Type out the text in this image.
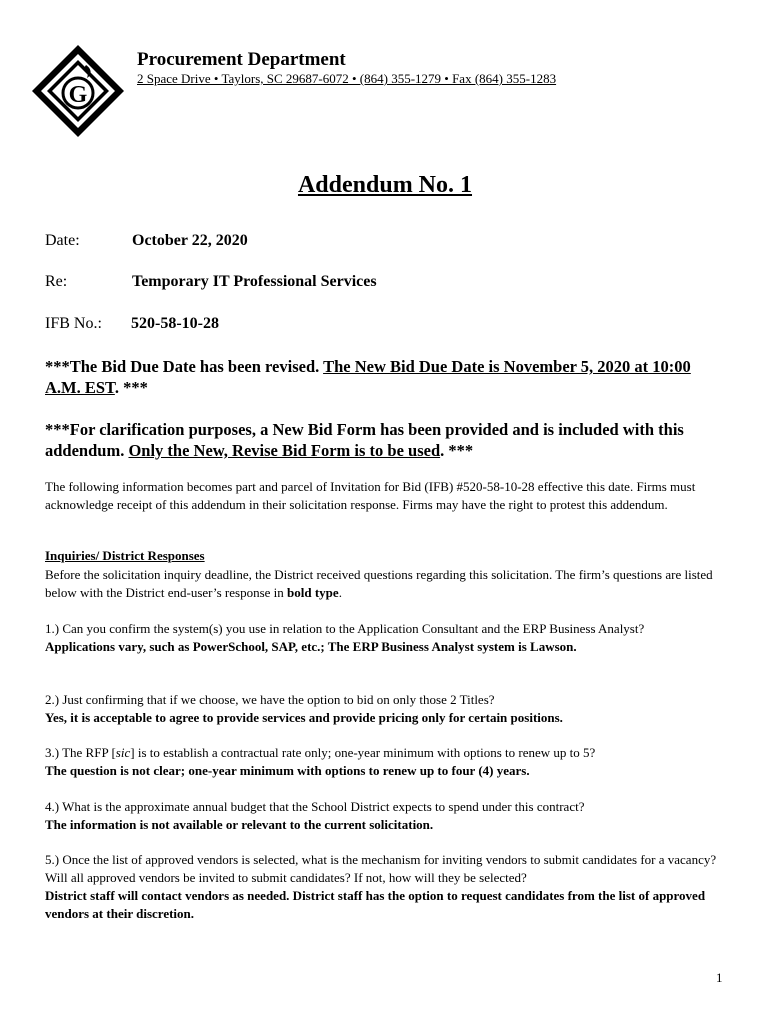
G
Procurement Department
2 Space Drive • Taylors, SC 29687-6072 • (864) 355-1279 • Fax (864) 355-1283
Addendum No. 1
Date:	October 22, 2020
Re:	Temporary IT Professional Services
IFB No.: 520-58-10-28
***The Bid Due Date has been revised. The New Bid Due Date is November 5, 2020 at 10:00 A.M. EST. ***
***For clarification purposes, a New Bid Form has been provided and is included with this addendum. Only the New, Revise Bid Form is to be used. ***
The following information becomes part and parcel of Invitation for Bid (IFB) #520-58-10-28 effective this date. Firms must acknowledge receipt of this addendum in their solicitation response. Firms may have the right to protest this addendum.
Inquiries/ District Responses
Before the solicitation inquiry deadline, the District received questions regarding this solicitation. The firm’s questions are listed below with the District end-user’s response in bold type.
1.) Can you confirm the system(s) you use in relation to the Application Consultant and the ERP Business Analyst?
Applications vary, such as PowerSchool, SAP, etc.; The ERP Business Analyst system is Lawson.
2.) Just confirming that if we choose, we have the option to bid on only those 2 Titles?
Yes, it is acceptable to agree to provide services and provide pricing only for certain positions.
3.) The RFP [sic] is to establish a contractual rate only; one-year minimum with options to renew up to 5?
The question is not clear; one-year minimum with options to renew up to four (4) years.
4.) What is the approximate annual budget that the School District expects to spend under this contract?
The information is not available or relevant to the current solicitation.
5.) Once the list of approved vendors is selected, what is the mechanism for inviting vendors to submit candidates for a vacancy? Will all approved vendors be invited to submit candidates? If not, how will they be selected?
District staff will contact vendors as needed. District staff has the option to request candidates from the list of approved vendors at their discretion.
1
